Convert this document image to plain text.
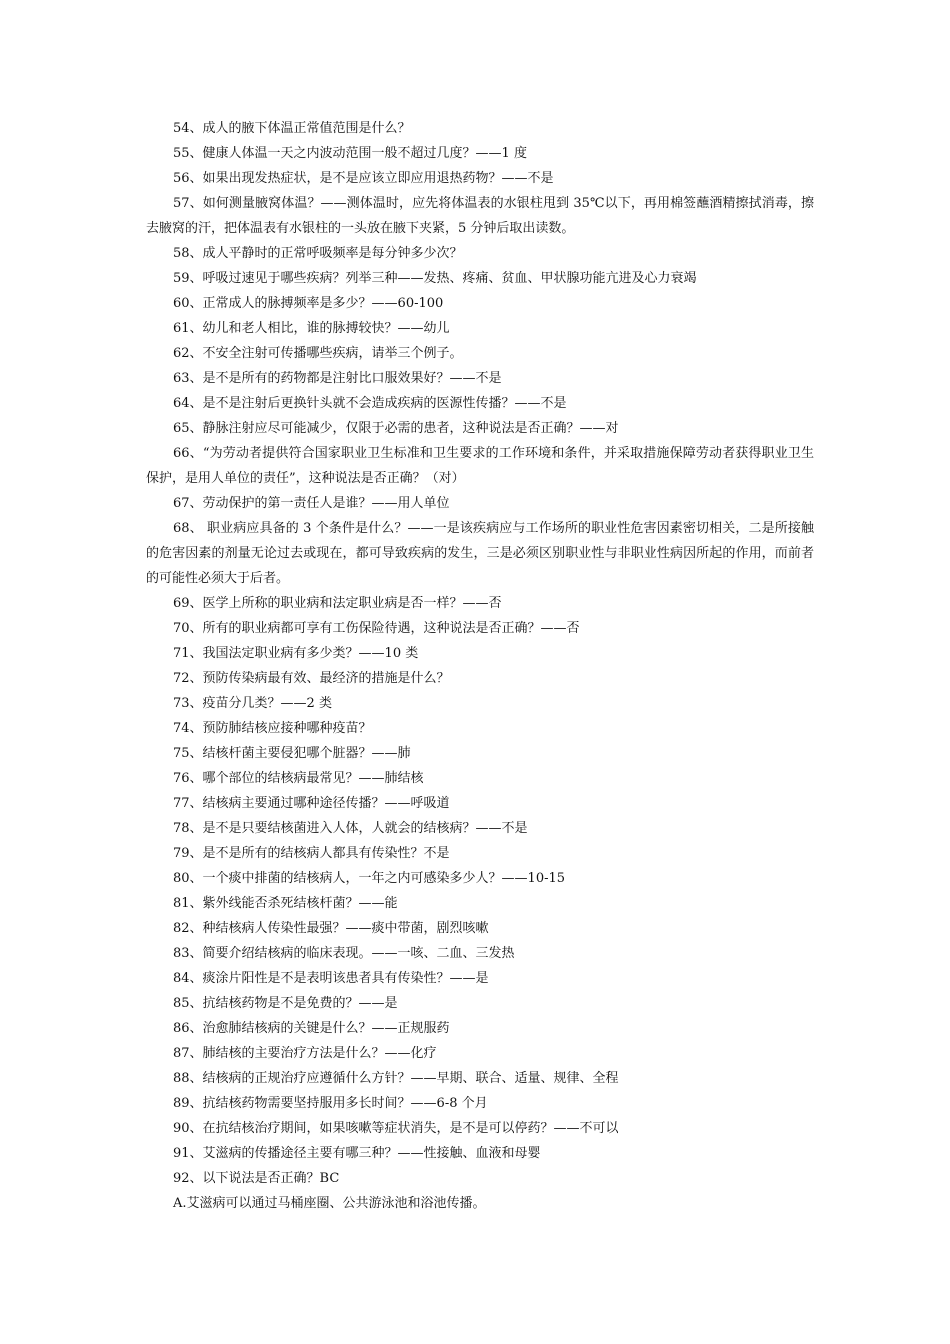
54、成人的腋下体温正常值范围是什么？

55、健康人体温一天之内波动范围一般不超过几度？——1 度

56、如果出现发热症状，是不是应该立即应用退热药物？——不是

57、如何测量腋窝体温？——测体温时，应先将体温表的水银柱甩到 35℃以下，再用棉签蘸酒精擦拭消毒，擦去腋窝的汗，把体温表有水银柱的一头放在腋下夹紧，5 分钟后取出读数。

58、成人平静时的正常呼吸频率是每分钟多少次？

59、呼吸过速见于哪些疾病？列举三种——发热、疼痛、贫血、甲状腺功能亢进及心力衰竭

60、正常成人的脉搏频率是多少？——60-100

61、幼儿和老人相比，谁的脉搏较快？——幼儿

62、不安全注射可传播哪些疾病，请举三个例子。

63、是不是所有的药物都是注射比口服效果好？——不是

64、是不是注射后更换针头就不会造成疾病的医源性传播？——不是

65、静脉注射应尽可能减少，仅限于必需的患者，这种说法是否正确？——对

66、“为劳动者提供符合国家职业卫生标准和卫生要求的工作环境和条件，并采取措施保障劳动者获得职业卫生保护，是用人单位的责任”，这种说法是否正确？（对）

67、劳动保护的第一责任人是谁？——用人单位

68、 职业病应具备的 3 个条件是什么？——一是该疾病应与工作场所的职业性危害因素密切相关，二是所接触的危害因素的剂量无论过去或现在，都可导致疾病的发生，三是必须区别职业性与非职业性病因所起的作用，而前者的可能性必须大于后者。

69、医学上所称的职业病和法定职业病是否一样？——否

70、所有的职业病都可享有工伤保险待遇，这种说法是否正确？——否

71、我国法定职业病有多少类？——10 类

72、预防传染病最有效、最经济的措施是什么？

73、疫苗分几类？——2 类

74、预防肺结核应接种哪种疫苗？

75、结核杆菌主要侵犯哪个脏器？——肺

76、哪个部位的结核病最常见？——肺结核

77、结核病主要通过哪种途径传播？——呼吸道

78、是不是只要结核菌进入人体，人就会的结核病？——不是

79、是不是所有的结核病人都具有传染性？不是

80、一个痰中排菌的结核病人，一年之内可感染多少人？——10-15

81、紫外线能否杀死结核杆菌？——能

82、种结核病人传染性最强？——痰中带菌，剧烈咳嗽

83、简要介绍结核病的临床表现。——一咳、二血、三发热

84、痰涂片阳性是不是表明该患者具有传染性？——是

85、抗结核药物是不是免费的？——是

86、治愈肺结核病的关键是什么？——正规服药

87、肺结核的主要治疗方法是什么？——化疗

88、结核病的正规治疗应遵循什么方针？——早期、联合、适量、规律、全程

89、抗结核药物需要坚持服用多长时间？——6-8 个月

90、在抗结核治疗期间，如果咳嗽等症状消失，是不是可以停药？——不可以

91、艾滋病的传播途径主要有哪三种？——性接触、血液和母婴

92、以下说法是否正确？BC

A.艾滋病可以通过马桶座圈、公共游泳池和浴池传播。
